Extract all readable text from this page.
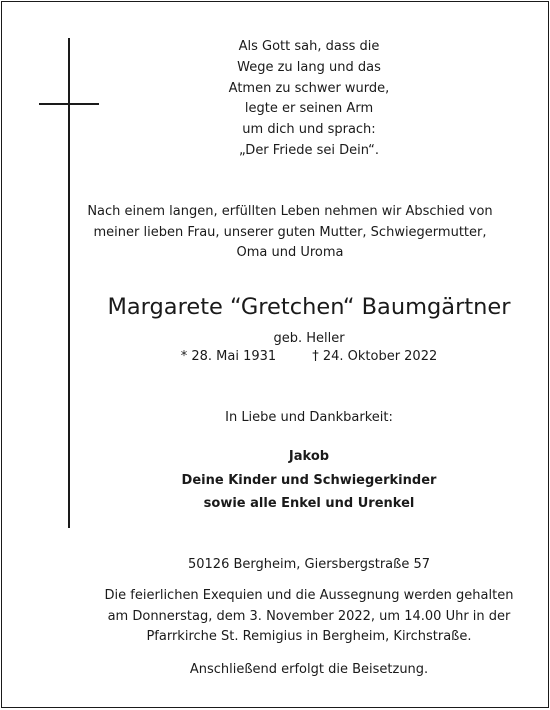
Als Gott sah, dass die
Wege zu lang und das
Atmen zu schwer wurde,
legte er seinen Arm
um dich und sprach:
„Der Friede sei Dein“.
Nach einem langen, erfüllten Leben nehmen wir Abschied von
meiner lieben Frau, unserer guten Mutter, Schwiegermutter,
Oma und Uroma
Margarete “Gretchen“ Baumgärtner
geb. Heller
* 28. Mai 1931	† 24. Oktober 2022
In Liebe und Dankbarkeit:
Jakob
Deine Kinder und Schwiegerkinder
sowie alle Enkel und Urenkel
50126 Bergheim, Giersbergstraße 57
Die feierlichen Exequien und die Aussegnung werden gehalten
am Donnerstag, dem 3. November 2022, um 14.00 Uhr in der
Pfarrkirche St. Remigius in Bergheim, Kirchstraße.
Anschließend erfolgt die Beisetzung.
